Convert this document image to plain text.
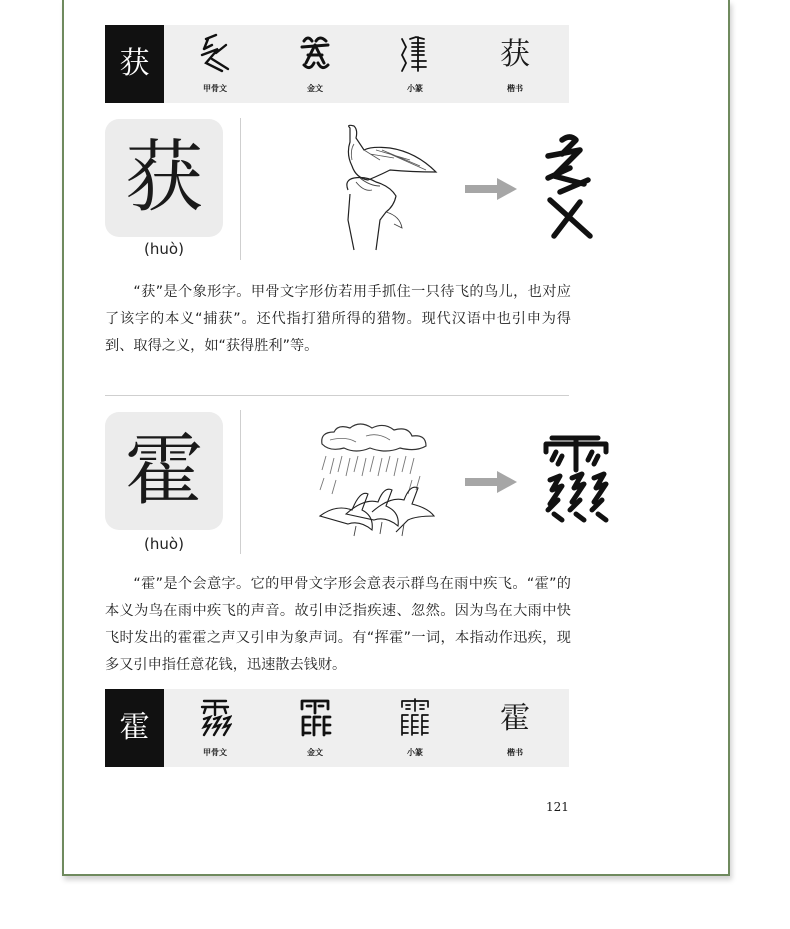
获
甲骨文	金文	小篆
获
楷书
获
(huò)
“获”是个象形字。甲骨文字形仿若用手抓住一只待飞的鸟儿，也对应了该字的本义“捕获”。还代指打猎所得的猎物。现代汉语中也引申为得到、取得之义，如“获得胜利”等。
霍
(huò)
“霍”是个会意字。它的甲骨文字形会意表示群鸟在雨中疾飞。“霍”的本义为鸟在雨中疾飞的声音。故引申泛指疾速、忽然。因为鸟在大雨中快飞时发出的霍霍之声又引申为象声词。有“挥霍”一词，本指动作迅疾，现多又引申指任意花钱，迅速散去钱财。
霍
甲骨文	金文	小篆
霍
楷书
121
